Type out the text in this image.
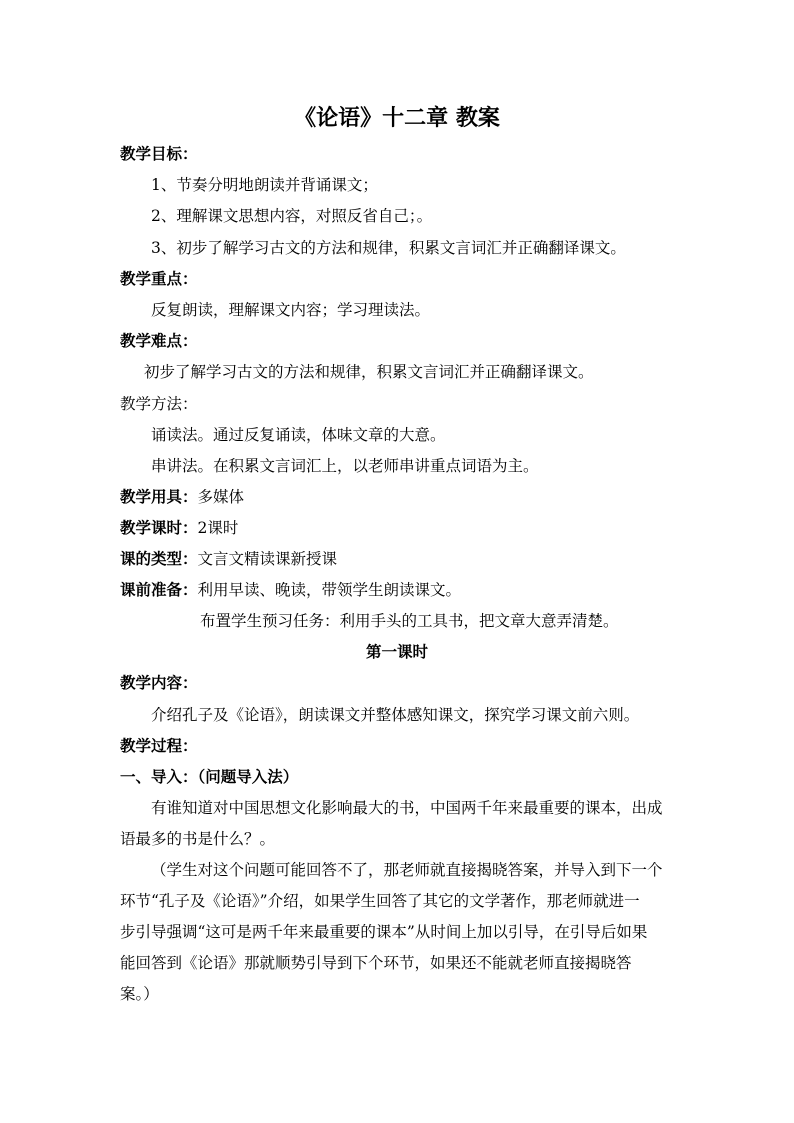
《论语》十二章 教案
教学目标：
1、节奏分明地朗读并背诵课文；
2、理解课文思想内容，对照反省自己；。
3、初步了解学习古文的方法和规律，积累文言词汇并正确翻译课文。
教学重点：
反复朗读，理解课文内容；学习理读法。
教学难点：
初步了解学习古文的方法和规律，积累文言词汇并正确翻译课文。
教学方法：
诵读法。通过反复诵读，体味文章的大意。
串讲法。在积累文言词汇上，以老师串讲重点词语为主。
教学用具：多媒体
教学课时：2课时
课的类型：文言文精读课新授课
课前准备：利用早读、晚读，带领学生朗读课文。
布置学生预习任务：利用手头的工具书，把文章大意弄清楚。
第一课时
教学内容：
介绍孔子及《论语》，朗读课文并整体感知课文，探究学习课文前六则。
教学过程：
一、导入：（问题导入法）
有谁知道对中国思想文化影响最大的书，中国两千年来最重要的课本，出成
语最多的书是什么？。
（学生对这个问题可能回答不了，那老师就直接揭晓答案，并导入到下一个
环节“孔子及《论语》”介绍，如果学生回答了其它的文学著作，那老师就进一
步引导强调“这可是两千年来最重要的课本”从时间上加以引导，在引导后如果
能回答到《论语》那就顺势引导到下个环节，如果还不能就老师直接揭晓答
案。）
